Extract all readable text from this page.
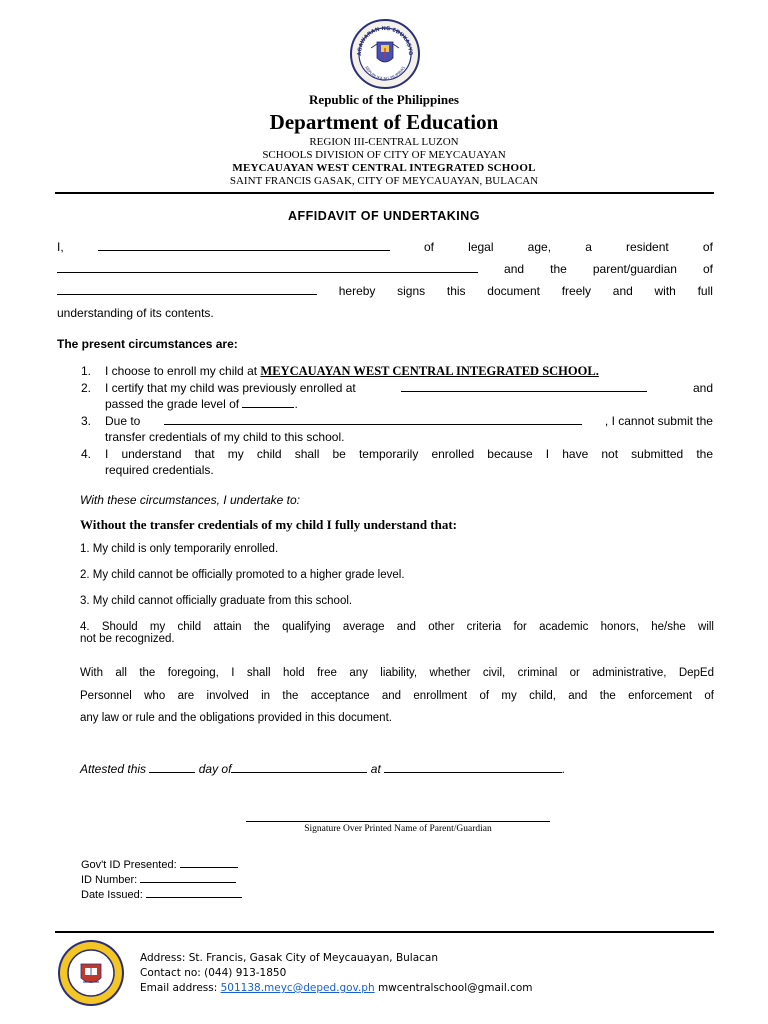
AGAWARAN NG EDUKASYO
REPUBLIKA NG PILIPINAS
Republic of the Philippines
Department of Education
REGION III-CENTRAL LUZON
SCHOOLS DIVISION OF CITY OF MEYCAUAYAN
MEYCAUAYAN WEST CENTRAL INTEGRATED SCHOOL
SAINT FRANCIS GASAK, CITY OF MEYCAUAYAN, BULACAN
AFFIDAVIT OF UNDERTAKING
I,	of	legal	age,	a	resident	of
and the parent/guardian of
hereby signs this document freely and with full
understanding of its contents.
The present circumstances are:
1. I choose to enroll my child at MEYCAUAYAN WEST CENTRAL INTEGRATED SCHOOL.
2.	I certify that my child was previously enrolled at	and
passed the grade level of	.
3.	Due to	, I cannot submit the
transfer credentials of my child to this school.
4.	I understand that my child shall be temporarily enrolled because I have not submitted the
required credentials.
With these circumstances, I undertake to:
Without the transfer credentials of my child I fully understand that:
1. My child is only temporarily enrolled.
2. My child cannot be officially promoted to a higher grade level.
3. My child cannot officially graduate from this school.
4. Should my child attain the qualifying average and other criteria for academic honors, he/she will
not be recognized.
With all the foregoing, I shall hold free any liability, whether civil, criminal or administrative, DepEd
Personnel who are involved in the acceptance and enrollment of my child, and the enforcement of
any law or rule and the obligations provided in this document.
Attested this	day of	at	.
Signature Over Printed Name of Parent/Guardian
Gov't ID Presented:
ID Number:
Date Issued:
Address: St. Francis, Gasak City of Meycauayan, Bulacan
Contact no: (044) 913-1850
Email address: 501138.meyc@deped.gov.ph mwcentralschool@gmail.com
